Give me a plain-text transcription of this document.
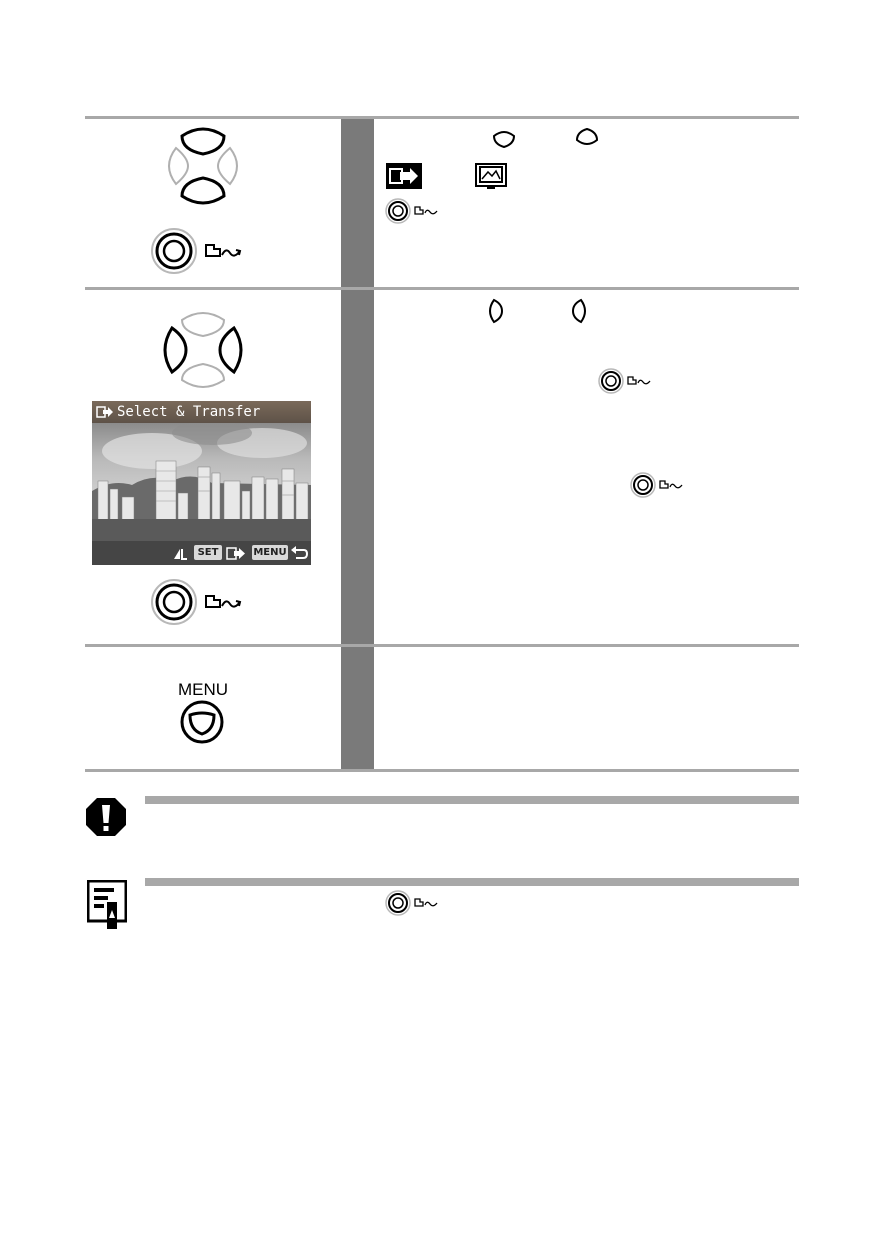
Select & Transfer
SET	MENU
MENU
